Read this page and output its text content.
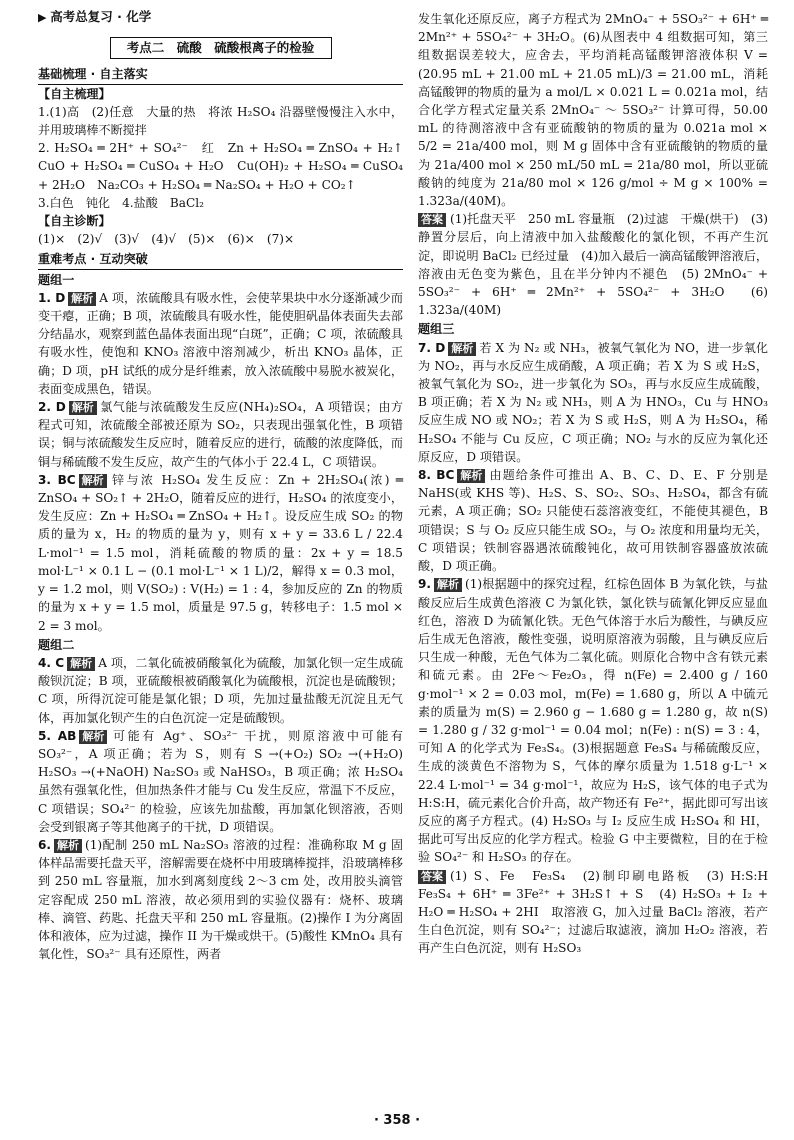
▶ 高考总复习 · 化学
考点二　硫酸　硫酸根离子的检验
基础梳理 · 自主落实
【自主梳理】

1.(1)高　(2)任意　大量的热　将浓 H₂SO₄ 沿器壁慢慢注入水中，并用玻璃棒不断搅拌

2. H₂SO₄ ═ 2H⁺ + SO₄²⁻　红　Zn + H₂SO₄ ═ ZnSO₄ + H₂↑　CuO + H₂SO₄ ═ CuSO₄ + H₂O　Cu(OH)₂ + H₂SO₄ ═ CuSO₄ + 2H₂O　Na₂CO₃ + H₂SO₄ ═ Na₂SO₄ + H₂O + CO₂↑

3.白色　钝化　4.盐酸　BaCl₂

【自主诊断】

(1)×　(2)√　(3)√　(4)√　(5)×　(6)×　(7)×

重难考点 · 互动突破
题组一

1. D 解析 A 项，浓硫酸具有吸水性，会使苹果块中水分逐渐减少而变干瘪，正确；B 项，浓硫酸具有吸水性，能使胆矾晶体表面失去部分结晶水，观察到蓝色晶体表面出现“白斑”，正确；C 项，浓硫酸具有吸水性，使饱和 KNO₃ 溶液中溶剂减少，析出 KNO₃ 晶体，正确；D 项，pH 试纸的成分是纤维素，放入浓硫酸中易脱水被炭化，表面变成黑色，错误。

2. D 解析 氯气能与浓硫酸发生反应(NH₄)₂SO₄，A 项错误；由方程式可知，浓硫酸全部被还原为 SO₂，只表现出强氧化性，B 项错误；铜与浓硫酸发生反应时，随着反应的进行，硫酸的浓度降低，而铜与稀硫酸不发生反应，故产生的气体小于 22.4 L，C 项错误。

3. BC 解析 锌与浓 H₂SO₄ 发生反应：Zn + 2H₂SO₄(浓) ═ ZnSO₄ + SO₂↑ + 2H₂O，随着反应的进行，H₂SO₄ 的浓度变小，发生反应：Zn + H₂SO₄ ═ ZnSO₄ + H₂↑。设反应生成 SO₂ 的物质的量为 x，H₂ 的物质的量为 y，则有 x + y = 33.6 L / 22.4 L·mol⁻¹ = 1.5 mol，消耗硫酸的物质的量：2x + y = 18.5 mol·L⁻¹ × 0.1 L − (0.1 mol·L⁻¹ × 1 L)/2，解得 x = 0.3 mol，y = 1.2 mol，则 V(SO₂) : V(H₂) = 1 : 4，参加反应的 Zn 的物质的量为 x + y = 1.5 mol，质量是 97.5 g，转移电子：1.5 mol × 2 = 3 mol。

题组二

4. C 解析 A 项，二氧化硫被硝酸氧化为硫酸，加氯化钡一定生成硫酸钡沉淀；B 项，亚硫酸根被硝酸氧化为硫酸根，沉淀也是硫酸钡；C 项，所得沉淀可能是氯化银；D 项，先加过量盐酸无沉淀且无气体，再加氯化钡产生的白色沉淀一定是硫酸钡。

5. AB 解析 可能有 Ag⁺、SO₃²⁻ 干扰，则原溶液中可能有 SO₃²⁻，A 项正确；若为 S，则有 S →(+O₂) SO₂ →(+H₂O) H₂SO₃ →(+NaOH) Na₂SO₃ 或 NaHSO₃，B 项正确；浓 H₂SO₄ 虽然有强氧化性，但加热条件才能与 Cu 发生反应，常温下不反应，C 项错误；SO₄²⁻ 的检验，应该先加盐酸，再加氯化钡溶液，否则会受到银离子等其他离子的干扰，D 项错误。

6. 解析 (1)配制 250 mL Na₂SO₃ 溶液的过程：准确称取 M g 固体样品需要托盘天平，溶解需要在烧杯中用玻璃棒搅拌，沿玻璃棒移到 250 mL 容量瓶，加水到离刻度线 2～3 cm 处，改用胶头滴管定容配成 250 mL 溶液，故必须用到的实验仪器有：烧杯、玻璃棒、滴管、药匙、托盘天平和 250 mL 容量瓶。(2)操作 I 为分离固体和液体，应为过滤，操作 II 为干燥或烘干。(5)酸性 KMnO₄ 具有氧化性，SO₃²⁻ 具有还原性，两者

发生氧化还原反应，离子方程式为 2MnO₄⁻ + 5SO₃²⁻ + 6H⁺ ═ 2Mn²⁺ + 5SO₄²⁻ + 3H₂O。(6)从图表中 4 组数据可知，第三组数据误差较大，应舍去，平均消耗高锰酸钾溶液体积 V = (20.95 mL + 21.00 mL + 21.05 mL)/3 = 21.00 mL，消耗高锰酸钾的物质的量为 a mol/L × 0.021 L = 0.021a mol，结合化学方程式定量关系 2MnO₄⁻ ～ 5SO₃²⁻ 计算可得，50.00 mL 的待测溶液中含有亚硫酸钠的物质的量为 0.021a mol × 5/2 = 21a/400 mol，则 M g 固体中含有亚硫酸钠的物质的量为 21a/400 mol × 250 mL/50 mL = 21a/80 mol，所以亚硫酸钠的纯度为 21a/80 mol × 126 g/mol ÷ M g × 100% = 1.323a/(40M)。

答案 (1)托盘天平　250 mL 容量瓶　(2)过滤　干燥(烘干)　(3)静置分层后，向上清液中加入盐酸酸化的氯化钡，不再产生沉淀，即说明 BaCl₂ 已经过量　(4)加入最后一滴高锰酸钾溶液后，溶液由无色变为紫色，且在半分钟内不褪色　(5) 2MnO₄⁻ + 5SO₃²⁻ + 6H⁺ ═ 2Mn²⁺ + 5SO₄²⁻ + 3H₂O　(6) 1.323a/(40M)

题组三

7. D 解析 若 X 为 N₂ 或 NH₃，被氧气氧化为 NO，进一步氧化为 NO₂，再与水反应生成硝酸，A 项正确；若 X 为 S 或 H₂S，被氧气氧化为 SO₂，进一步氧化为 SO₃，再与水反应生成硫酸，B 项正确；若 X 为 N₂ 或 NH₃，则 A 为 HNO₃，Cu 与 HNO₃ 反应生成 NO 或 NO₂；若 X 为 S 或 H₂S，则 A 为 H₂SO₄，稀 H₂SO₄ 不能与 Cu 反应，C 项正确；NO₂ 与水的反应为氧化还原反应，D 项错误。

8. BC 解析 由题给条件可推出 A、B、C、D、E、F 分别是 NaHS(或 KHS 等)、H₂S、S、SO₂、SO₃、H₂SO₄，都含有硫元素，A 项正确；SO₂ 只能使石蕊溶液变红，不能使其褪色，B 项错误；S 与 O₂ 反应只能生成 SO₂，与 O₂ 浓度和用量均无关，C 项错误；铁制容器遇浓硫酸钝化，故可用铁制容器盛放浓硫酸，D 项正确。

9. 解析 (1)根据题中的探究过程，红棕色固体 B 为氧化铁，与盐酸反应后生成黄色溶液 C 为氯化铁，氯化铁与硫氰化钾反应显血红色，溶液 D 为硫氰化铁。无色气体溶于水后为酸性，与碘反应后生成无色溶液，酸性变强，说明原溶液为弱酸，且与碘反应后只生成一种酸，无色气体为二氧化硫。则原化合物中含有铁元素和硫元素。由 2Fe～Fe₂O₃，得 n(Fe) = 2.400 g / 160 g·mol⁻¹ × 2 = 0.03 mol，m(Fe) = 1.680 g，所以 A 中硫元素的质量为 m(S) = 2.960 g − 1.680 g = 1.280 g，故 n(S) = 1.280 g / 32 g·mol⁻¹ = 0.04 mol；n(Fe) : n(S) = 3 : 4，可知 A 的化学式为 Fe₃S₄。(3)根据题意 Fe₃S₄ 与稀硫酸反应，生成的淡黄色不溶物为 S，气体的摩尔质量为 1.518 g·L⁻¹ × 22.4 L·mol⁻¹ = 34 g·mol⁻¹，故应为 H₂S，该气体的电子式为 H:S:H，硫元素化合价升高，故产物还有 Fe²⁺，据此即可写出该反应的离子方程式。(4) H₂SO₃ 与 I₂ 反应生成 H₂SO₄ 和 HI，据此可写出反应的化学方程式。检验 G 中主要微粒，目的在于检验 SO₄²⁻ 和 H₂SO₃ 的存在。

答案 (1) S、Fe　Fe₃S₄　(2)制印刷电路板　(3) H:S:H　Fe₃S₄ + 6H⁺ ═ 3Fe²⁺ + 3H₂S↑ + S　(4) H₂SO₃ + I₂ + H₂O ═ H₂SO₄ + 2HI　取溶液 G，加入过量 BaCl₂ 溶液，若产生白色沉淀，则有 SO₄²⁻；过滤后取滤液，滴加 H₂O₂ 溶液，若再产生白色沉淀，则有 H₂SO₃

· 358 ·
